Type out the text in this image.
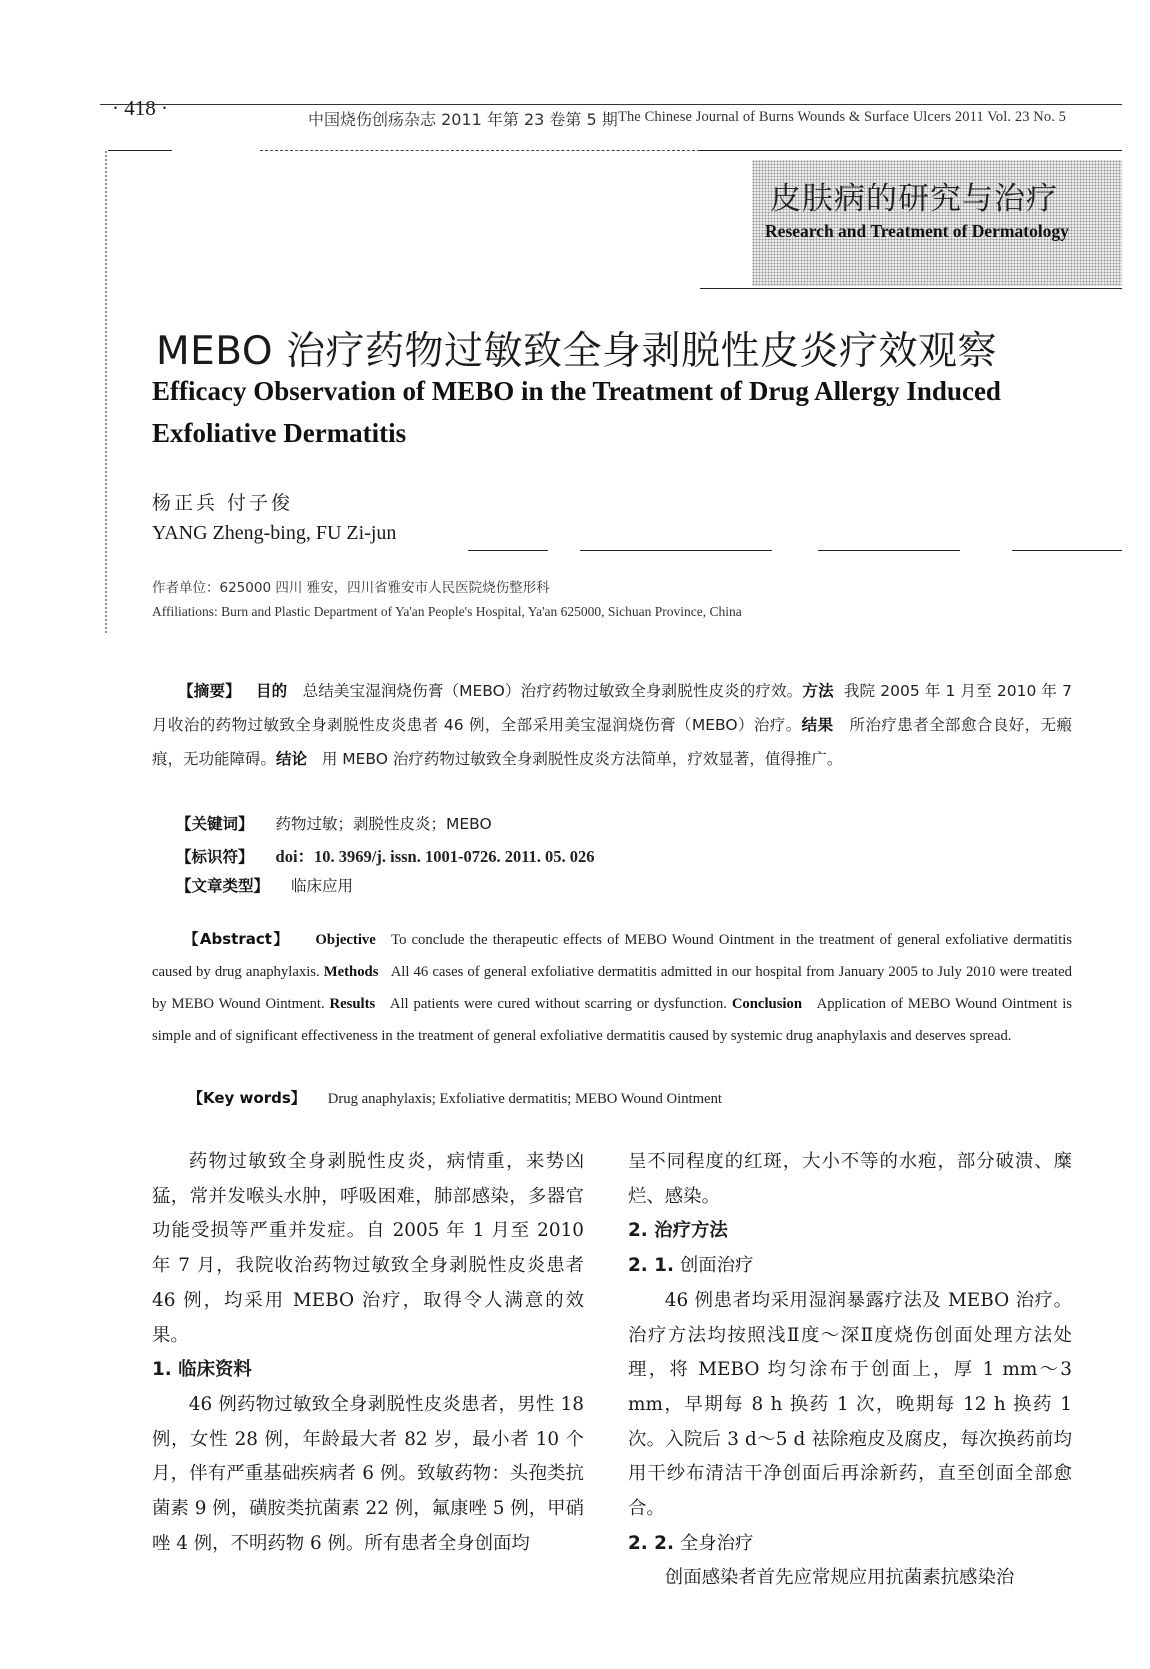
· 418 ·	中国烧伤创疡杂志 2011 年第 23 卷第 5 期 The Chinese Journal of Burns Wounds & Surface Ulcers 2011 Vol. 23 No. 5
皮肤病的研究与治疗
Research and Treatment of Dermatology
MEBO 治疗药物过敏致全身剥脱性皮炎疗效观察
Efficacy Observation of MEBO in the Treatment of Drug Allergy Induced Exfoliative Dermatitis
杨正兵 付子俊
YANG Zheng-bing, FU Zi-jun
作者单位：625000 四川 雅安，四川省雅安市人民医院烧伤整形科
Affiliations: Burn and Plastic Department of Ya'an People's Hospital, Ya'an 625000, Sichuan Province, China
【摘要】 目的 总结美宝湿润烧伤膏（MEBO）治疗药物过敏致全身剥脱性皮炎的疗效。方法 我院 2005 年 1 月至 2010 年 7 月收治的药物过敏致全身剥脱性皮炎患者 46 例，全部采用美宝湿润烧伤膏（MEBO）治疗。结果 所治疗患者全部愈合良好，无瘢痕，无功能障碍。结论 用 MEBO 治疗药物过敏致全身剥脱性皮炎方法简单，疗效显著，值得推广。
【关键词】 药物过敏；剥脱性皮炎；MEBO
【标识符】 doi：10. 3969/j. issn. 1001-0726. 2011. 05. 026
【文章类型】 临床应用
【Abstract】 Objective To conclude the therapeutic effects of MEBO Wound Ointment in the treatment of general exfoliative dermatitis caused by drug anaphylaxis. Methods All 46 cases of general exfoliative dermatitis admitted in our hospital from January 2005 to July 2010 were treated by MEBO Wound Ointment. Results All patients were cured without scarring or dysfunction. Conclusion Application of MEBO Wound Ointment is simple and of significant effectiveness in the treatment of general exfoliative dermatitis caused by systemic drug anaphylaxis and deserves spread.
【Key words】 Drug anaphylaxis; Exfoliative dermatitis; MEBO Wound Ointment

药物过敏致全身剥脱性皮炎，病情重，来势凶猛，常并发喉头水肿，呼吸困难，肺部感染，多器官功能受损等严重并发症。自 2005 年 1 月至 2010 年 7 月，我院收治药物过敏致全身剥脱性皮炎患者 46 例，均采用 MEBO 治疗，取得令人满意的效果。

1. 临床资料

46 例药物过敏致全身剥脱性皮炎患者，男性 18 例，女性 28 例，年龄最大者 82 岁，最小者 10 个月，伴有严重基础疾病者 6 例。致敏药物：头孢类抗菌素 9 例，磺胺类抗菌素 22 例，氟康唑 5 例，甲硝唑 4 例，不明药物 6 例。所有患者全身创面均

呈不同程度的红斑，大小不等的水疱，部分破溃、糜烂、感染。

2. 治疗方法
2. 1. 创面治疗

46 例患者均采用湿润暴露疗法及 MEBO 治疗。治疗方法均按照浅Ⅱ度～深Ⅱ度烧伤创面处理方法处理，将 MEBO 均匀涂布于创面上，厚 1 mm～3 mm，早期每 8 h 换药 1 次，晚期每 12 h 换药 1 次。入院后 3 d～5 d 祛除疱皮及腐皮，每次换药前均用干纱布清洁干净创面后再涂新药，直至创面全部愈合。

2. 2. 全身治疗

创面感染者首先应常规应用抗菌素抗感染治
